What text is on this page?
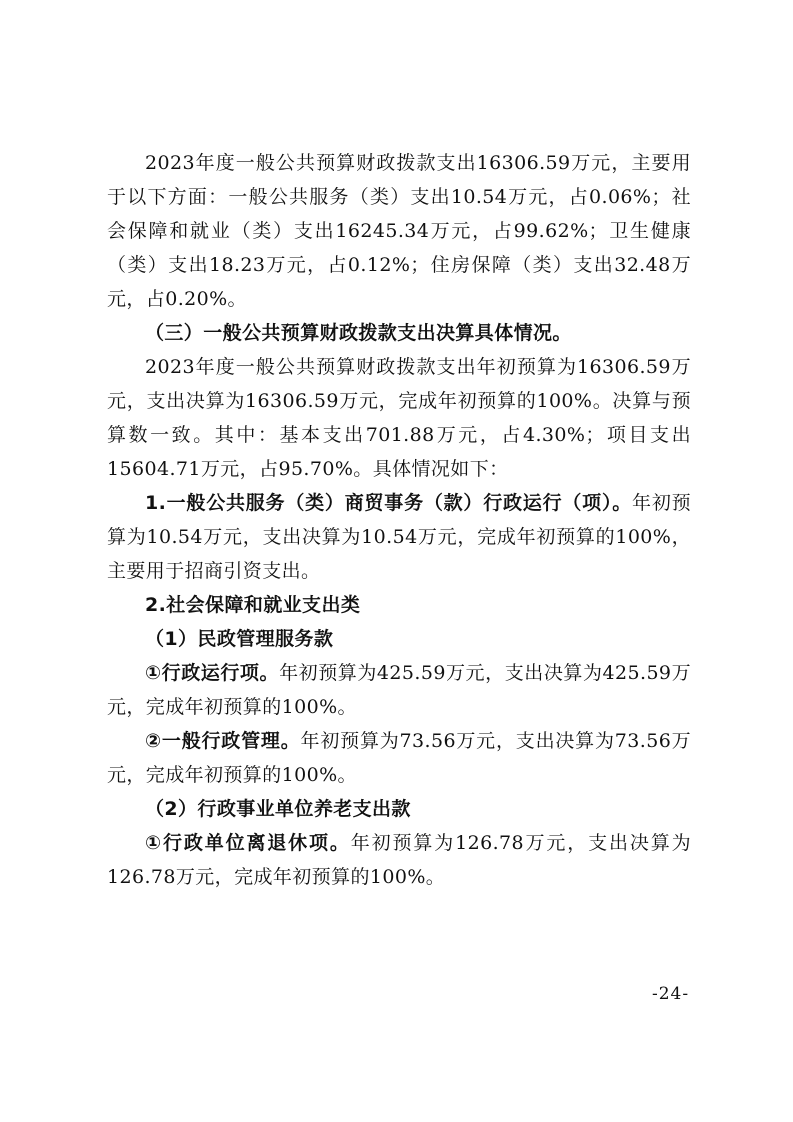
2023年度一般公共预算财政拨款支出16306.59万元，主要用于以下方面：一般公共服务（类）支出10.54万元，占0.06%；社会保障和就业（类）支出16245.34万元，占99.62%；卫生健康（类）支出18.23万元，占0.12%；住房保障（类）支出32.48万元，占0.20%。

（三）一般公共预算财政拨款支出决算具体情况。

2023年度一般公共预算财政拨款支出年初预算为16306.59万元，支出决算为16306.59万元，完成年初预算的100%。决算与预算数一致。其中：基本支出701.88万元，占4.30%；项目支出15604.71万元，占95.70%。具体情况如下：

1.一般公共服务（类）商贸事务（款）行政运行（项）。年初预算为10.54万元，支出决算为10.54万元，完成年初预算的100%，主要用于招商引资支出。

2.社会保障和就业支出类

（1）民政管理服务款

①行政运行项。年初预算为425.59万元，支出决算为425.59万元，完成年初预算的100%。

②一般行政管理。年初预算为73.56万元，支出决算为73.56万元，完成年初预算的100%。

（2）行政事业单位养老支出款

①行政单位离退休项。年初预算为126.78万元，支出决算为126.78万元，完成年初预算的100%。

-24-
